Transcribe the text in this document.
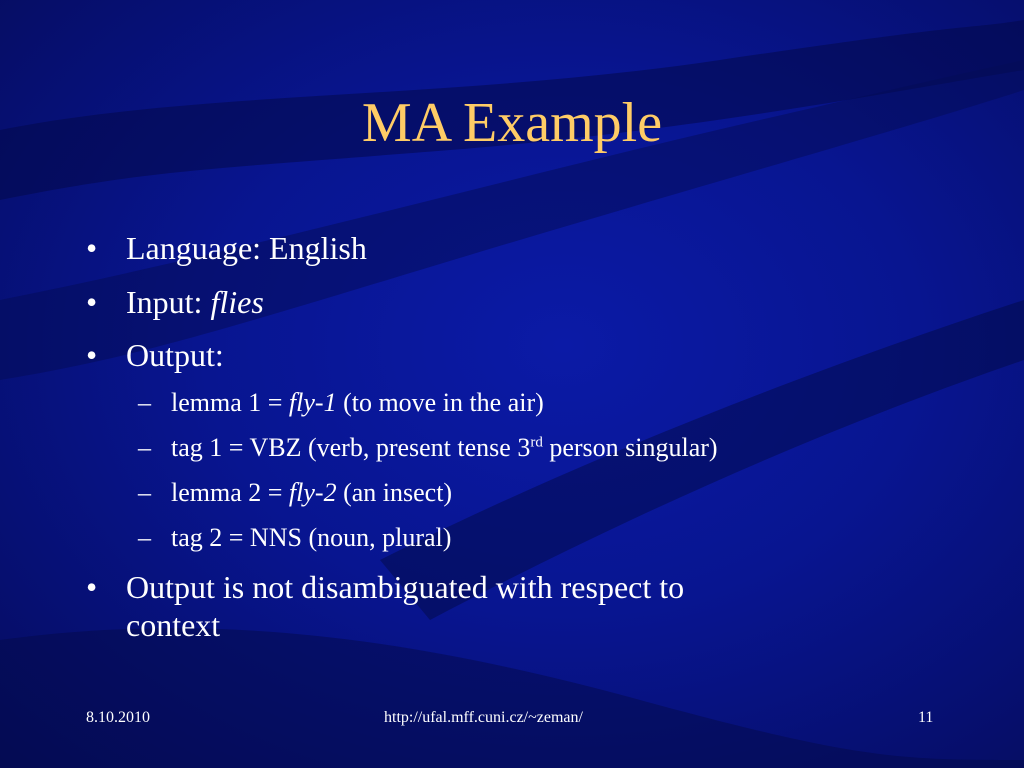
MA Example
• Language: English
• Input: flies
• Output:
– lemma 1 = fly-1 (to move in the air)
– tag 1 = VBZ (verb, present tense 3rd person singular)
– lemma 2 = fly-2 (an insect)
– tag 2 = NNS (noun, plural)
• Output is not disambiguated with respect to
context
8.10.2010	http://ufal.mff.cuni.cz/~zeman/	11
